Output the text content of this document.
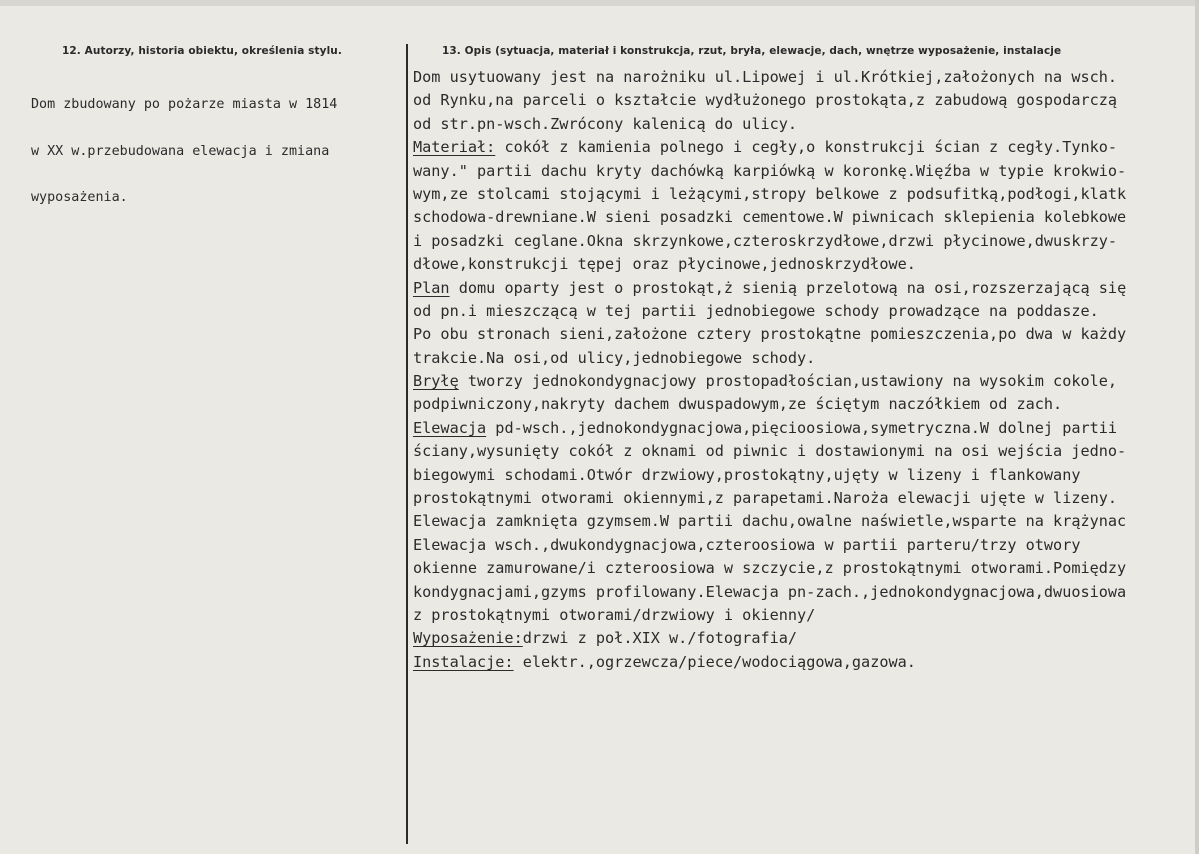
12. Autorzy, historia obiektu, określenia stylu.	13. Opis (sytuacja, materiał i konstrukcja, rzut, bryła, elewacje, dach, wnętrze wyposażenie, instalacje

Dom zbudowany po pożarze miasta w 1814

w XX w.przebudowana elewacja i zmiana

wyposażenia.

Dom usytuowany jest na narożniku ul.Lipowej i ul.Krótkiej,założonych na wsch.
od Rynku,na parceli o kształcie wydłużonego prostokąta,z zabudową gospodarczą
od str.pn-wsch.Zwrócony kalenicą do ulicy.
Materiał: cokół z kamienia polnego i cegły,o konstrukcji ścian z cegły.Tynko-
wany." partii dachu kryty dachówką karpiówką w koronkę.Więźba w typie krokwio-
wym,ze stolcami stojącymi i leżącymi,stropy belkowe z podsufitką,podłogi,klatk
schodowa-drewniane.W sieni posadzki cementowe.W piwnicach sklepienia kolebkowe
i posadzki ceglane.Okna skrzynkowe,czteroskrzydłowe,drzwi płycinowe,dwuskrzy-
dłowe,konstrukcji tępej oraz płycinowe,jednoskrzydłowe.
Plan domu oparty jest o prostokąt,ż sienią przelotową na osi,rozszerzającą się
od pn.i mieszczącą w tej partii jednobiegowe schody prowadzące na poddasze.
Po obu stronach sieni,założone cztery prostokątne pomieszczenia,po dwa w każdy
trakcie.Na osi,od ulicy,jednobiegowe schody.
Bryłę tworzy jednokondygnacjowy prostopadłościan,ustawiony na wysokim cokole,
podpiwniczony,nakryty dachem dwuspadowym,ze ściętym naczółkiem od zach.
Elewacja pd-wsch.,jednokondygnacjowa,pięcioosiowa,symetryczna.W dolnej partii
ściany,wysunięty cokół z oknami od piwnic i dostawionymi na osi wejścia jedno-
biegowymi schodami.Otwór drzwiowy,prostokątny,ujęty w lizeny i flankowany
prostokątnymi otworami okiennymi,z parapetami.Naroża elewacji ujęte w lizeny.
Elewacja zamknięta gzymsem.W partii dachu,owalne naświetle,wsparte na krążynac
Elewacja wsch.,dwukondygnacjowa,czteroosiowa w partii parteru/trzy otwory
okienne zamurowane/i czteroosiowa w szczycie,z prostokątnymi otworami.Pomiędzy
kondygnacjami,gzyms profilowany.Elewacja pn-zach.,jednokondygnacjowa,dwuosiowa
z prostokątnymi otworami/drzwiowy i okienny/
Wyposażenie:drzwi z poł.XIX w./fotografia/
Instalacje: elektr.,ogrzewcza/piece/wodociągowa,gazowa.
